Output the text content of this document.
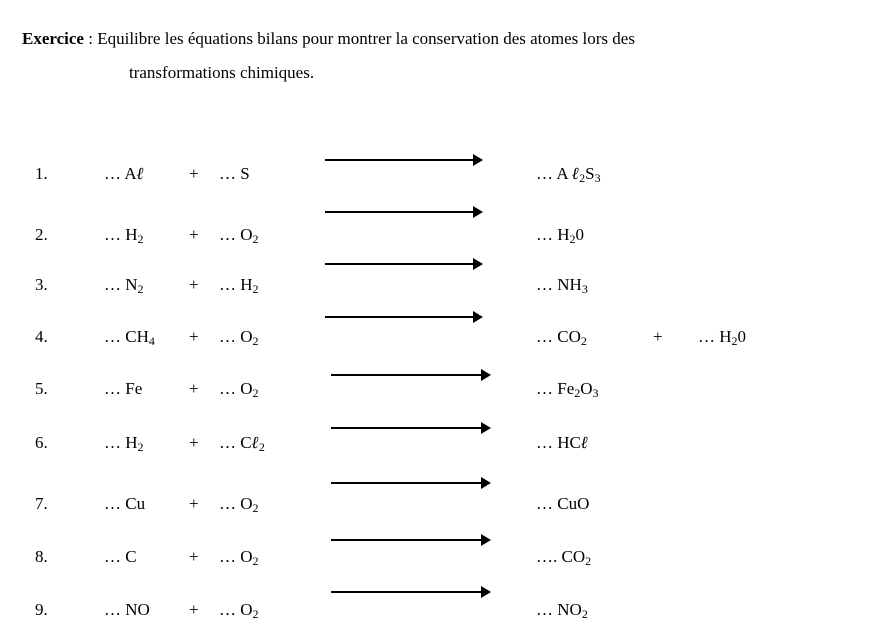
Exercice : Equilibre les équations bilans pour montrer la conservation des atomes lors des
transformations chimiques.
1.	… Aℓ	+ … S	… A $\ell_2S_3$
2.	… $H_2$	+ … $O_2$	… $H_20$
3.	… $N_2$	+ … $H_2$	… $NH_3$
4.	… $CH_4$ + … $O_2$	… $CO_2$	+ … $H_20$
5.	… Fe	+ … $O_2$	… $Fe_2O_3$
6.	… $H_2$	+ … Cℓ$_2$	… HCℓ
7.	… Cu	+ … $O_2$	… CuO
8.	… C	+ … $O_2$	…. $CO_2$
9.	… NO + … $O_2$	… $NO_2$
